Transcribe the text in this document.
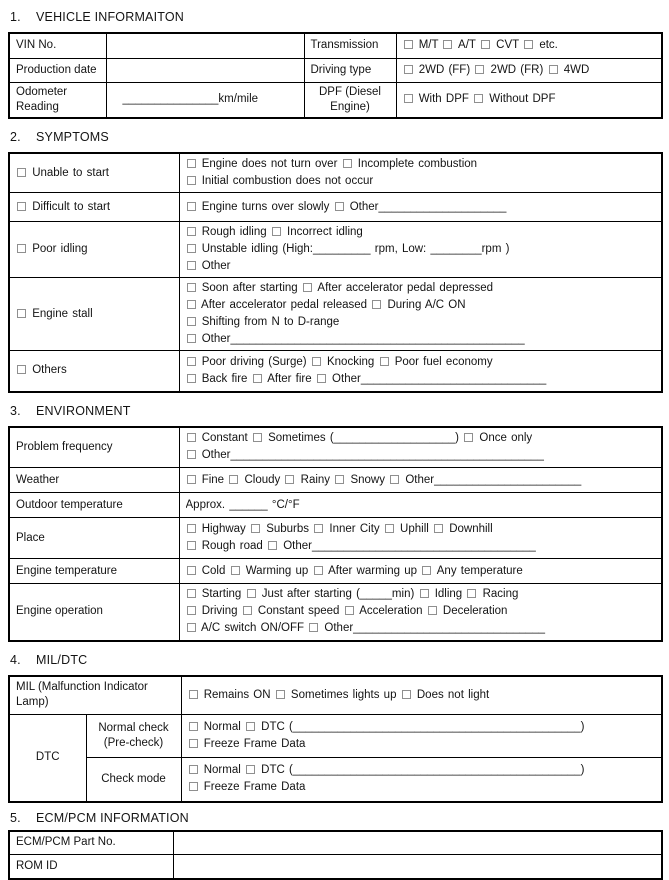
1.	VEHICLE INFORMAITON
VIN No.		Transmission	M/T  A/T  CVT  etc.
Production date		Driving type	2WD (FF)  2WD (FR)  4WD
Odometer Reading	_______________km/mile	DPF (Diesel Engine)	With DPF  Without DPF
2.	SYMPTOMS
Unable to start	Engine does not turn over  Incomplete combustion
Initial combustion does not occur

Difficult to start	Engine turns over slowly  Other____________________

Poor idling	Rough idling  Incorrect idling
Unstable idling (High:_________ rpm, Low: ________rpm )
Other

Engine stall	Soon after starting  After accelerator pedal depressed
After accelerator pedal released  During A/C ON
Shifting from N to D-range
Other______________________________________________

Others	Poor driving (Surge)  Knocking  Poor fuel economy
Back fire  After fire  Other_____________________________
3.	ENVIRONMENT
Problem frequency	Constant  Sometimes (___________________)  Once only
Other_________________________________________________

Weather	Fine  Cloudy  Rainy  Snowy  Other_______________________

Outdoor temperature	Approx. ______ °C/°F

Place	Highway  Suburbs  Inner City  Uphill  Downhill
Rough road  Other___________________________________

Engine temperature	Cold  Warming up  After warming up  Any temperature

Engine operation	Starting  Just after starting (_____min)  Idling  Racing
Driving  Constant speed  Acceleration  Deceleration
A/C switch ON/OFF  Other______________________________
4.	MIL/DTC
MIL (Malfunction Indicator Lamp)		Remains ON  Sometimes lights up  Does not light

DTC	Normal check (Pre-check)	Normal  DTC (_____________________________________________)
Freeze Frame Data

	Check mode	Normal  DTC (_____________________________________________)
Freeze Frame Data
5.	ECM/PCM INFORMATION
ECM/PCM Part No.	
ROM ID	
